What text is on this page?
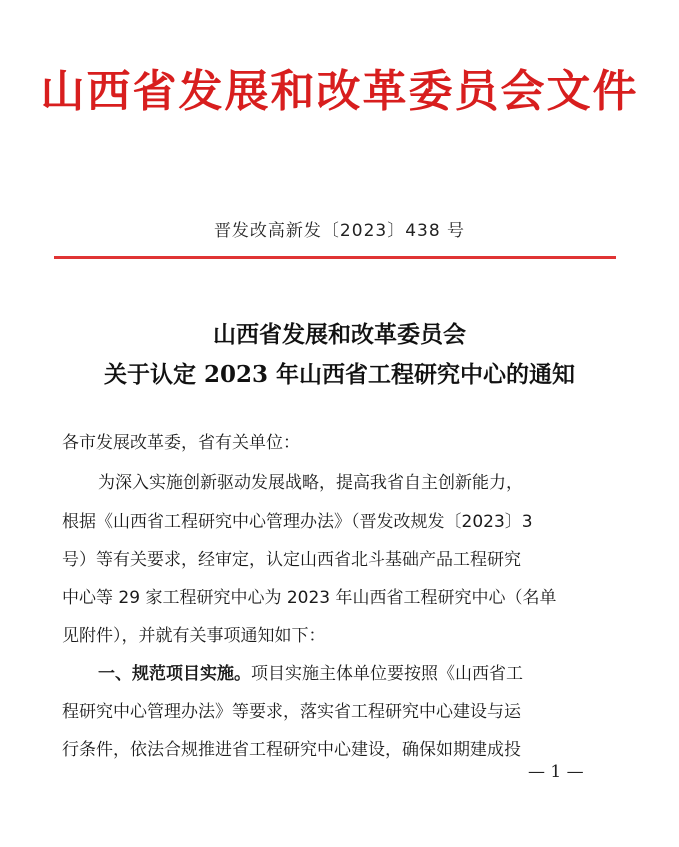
山西省发展和改革委员会文件
晋发改高新发〔2023〕438 号
山西省发展和改革委员会
关于认定 2023 年山西省工程研究中心的通知
各市发展改革委，省有关单位：
为深入实施创新驱动发展战略，提高我省自主创新能力，
根据《山西省工程研究中心管理办法》（晋发改规发〔2023〕3
号）等有关要求，经审定，认定山西省北斗基础产品工程研究
中心等 29 家工程研究中心为 2023 年山西省工程研究中心（名单
见附件），并就有关事项通知如下：
一、规范项目实施。项目实施主体单位要按照《山西省工
程研究中心管理办法》等要求，落实省工程研究中心建设与运
行条件，依法合规推进省工程研究中心建设，确保如期建成投
— 1 —
